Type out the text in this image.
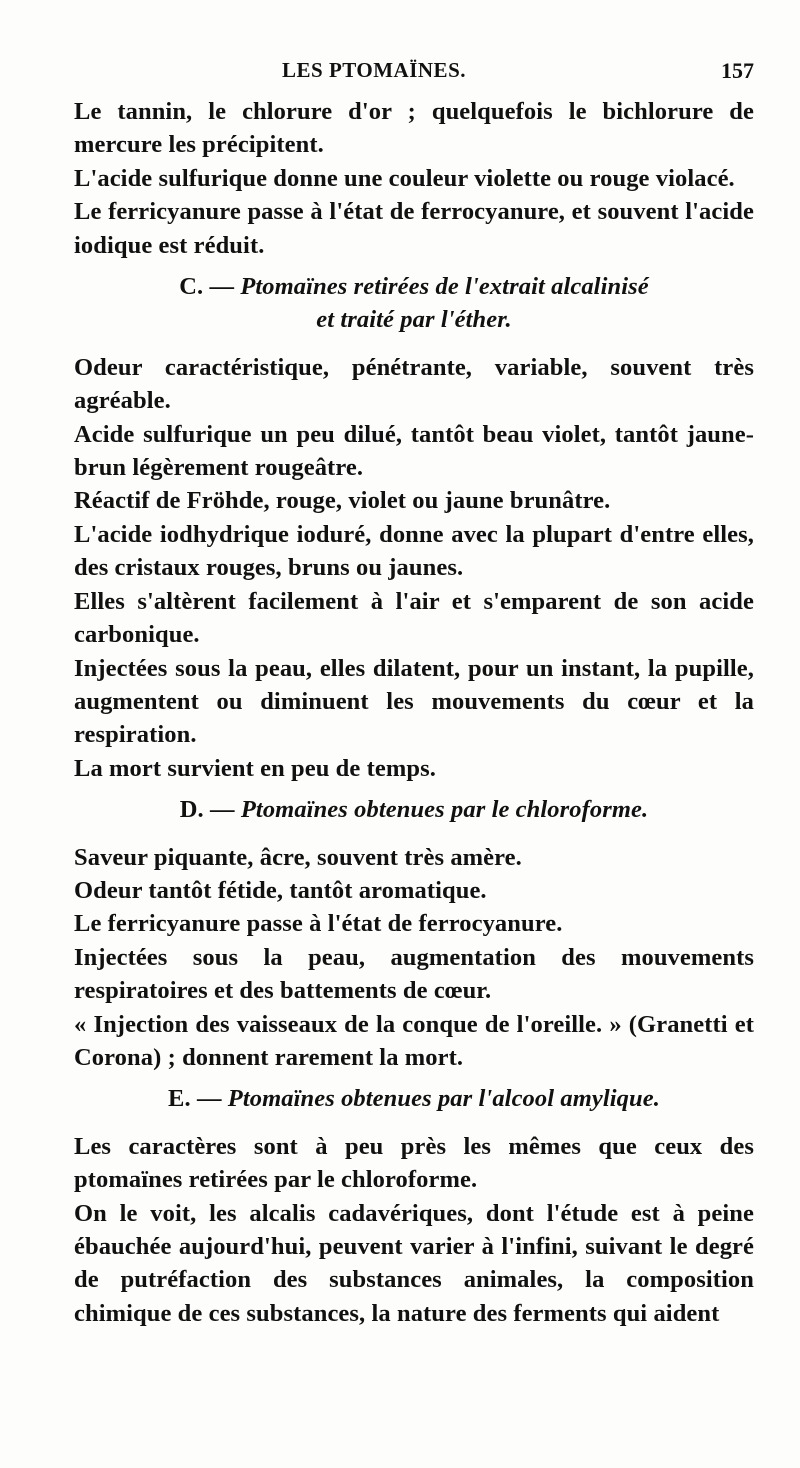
LES PTOMAÏNES.	157

Le tannin, le chlorure d'or ; quelquefois le bichlorure de mercure les précipitent.

L'acide sulfurique donne une couleur violette ou rouge violacé.

Le ferricyanure passe à l'état de ferrocyanure, et souvent l'acide iodique est réduit.

C. — Ptomaïnes retirées de l'extrait alcalinisé

et traité par l'éther.

Odeur caractéristique, pénétrante, variable, souvent très agréable.

Acide sulfurique un peu dilué, tantôt beau violet, tantôt jaune-brun légèrement rougeâtre.

Réactif de Fröhde, rouge, violet ou jaune brunâtre.

L'acide iodhydrique ioduré, donne avec la plupart d'entre elles, des cristaux rouges, bruns ou jaunes.

Elles s'altèrent facilement à l'air et s'emparent de son acide carbonique.

Injectées sous la peau, elles dilatent, pour un instant, la pupille, augmentent ou diminuent les mouvements du cœur et la respiration.

La mort survient en peu de temps.

D. — Ptomaïnes obtenues par le chloroforme.

Saveur piquante, âcre, souvent très amère.

Odeur tantôt fétide, tantôt aromatique.

Le ferricyanure passe à l'état de ferrocyanure.

Injectées sous la peau, augmentation des mouvements respiratoires et des battements de cœur.

« Injection des vaisseaux de la conque de l'oreille. » (Granetti et Corona) ; donnent rarement la mort.

E. — Ptomaïnes obtenues par l'alcool amylique.

Les caractères sont à peu près les mêmes que ceux des ptomaïnes retirées par le chloroforme.

On le voit, les alcalis cadavériques, dont l'étude est à peine ébauchée aujourd'hui, peuvent varier à l'infini, suivant le degré de putréfaction des substances animales, la composition chimique de ces substances, la nature des ferments qui aident
